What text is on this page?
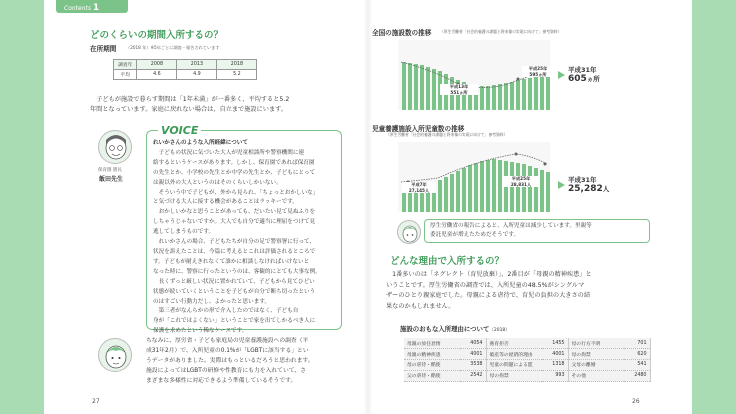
Contents 1
どのくらいの期間入所するの？
在所期間 （2018 年）※5年ごとに調査・報告されています
調査年	2008	2013	2018
平均	4.6	4.9	5.2
　子どもが施設で暮らす期間は「1年未満」が一番多く、平均すると5.2
年間となっています。家庭に戻れない場合は、自立まで施設にいます。
保育園 園長
飯田先生
VOICE
れいかさんのような入所経緯について
　子どもの状況に気づいた大人が児童相談所や警察機関に連
絡するというケースがあります。しかし、保育園であれば保育園
の先生とか、小学校の先生とか中学の先生とか、子どもにとって
は親以外の大人というのはそのくらいしかいない。
　そういう中で子どもが、外から見られ、「ちょっとおかしいな」
と気づける大人に接する機会があることはラッキーです。
　おかしいかなと思うことがあっても、だいたい見て見ぬふりを
しちゃうじゃないですか。大人でも自分で適当に理屈をつけて見
逃してしまうものです。
　れいかさんの場合、子どもたちが自分の足で警察署に行って、
状況を訴えたことは、今篇に考えるとこれは評価されるところで
す。子どもが耐えきれなくて誰かに相談しなければいけないと
なった時に、警察に行ったというのは、客観的にとても大事な例。
　長くずっと厳しい状況に置かれていて、子どもから見てひどい
状態が続いていくということを子どもが自分で断ち切ったという
のはすごい行動力だし、よかったと思います。
　第三者がなんらかの形で介入したのではなく、子ども自
身が「これではよくない」ということで家を出てしかるべき人に
保護を求めたという稀なケースです。
ちなみに、厚労省・子ども家庭局の児童養護施設への調査（平
成31年2月）で、入所児童の0.1%が「LGBTに該当する」とい
うデータがありました。実際はもっといるだろうと思われます。
施設によってはLGBTの研修や性教育にも力を入れていて、さ
まざまな多様性に対応できるよう準備しているそうです。
27
全国の施設数の推移 （厚生労働省「社会的養護の課題と将来像の実現に向けて」参考資料）
平成13年
551ヵ所
平成25年
595ヵ所	平成31年
605ヵ所
児童養護施設入所児童数の推移
（厚生労働省「社会的養護の課題と将来像の実現に向けて」参考資料）
平成7年
27,145人
平成25年
28,831人	平成31年
25,282人
厚生労働省の報告によると、入所児童は減少しています。里親等
委託児童が増えたためだそうです。
どんな理由で入所するの？
　1番多いのは「ネグレクト（育児放棄）」、2番目が「母親の精神疾患」と
いうことです。厚生労働省の調査では、入所児童の48.5%がシングルマ
ザーのひとり親家庭でした。母親による虐待で、育児の負担の大きさの結
果なのかもしれません。
施設のおもな入所理由について（2018）
母親の放任怠惰	4054	養育拒否	1455	母の行方不明	701
母親の精神疾患	4001	破産等の経済的理由	4001	母の拘禁	620
母の虐待・酷使	3538	児童の問題による監	1318	父母の離婚	541
父の虐待・酷使	2542	母の拘禁	993	その他	2480
26
